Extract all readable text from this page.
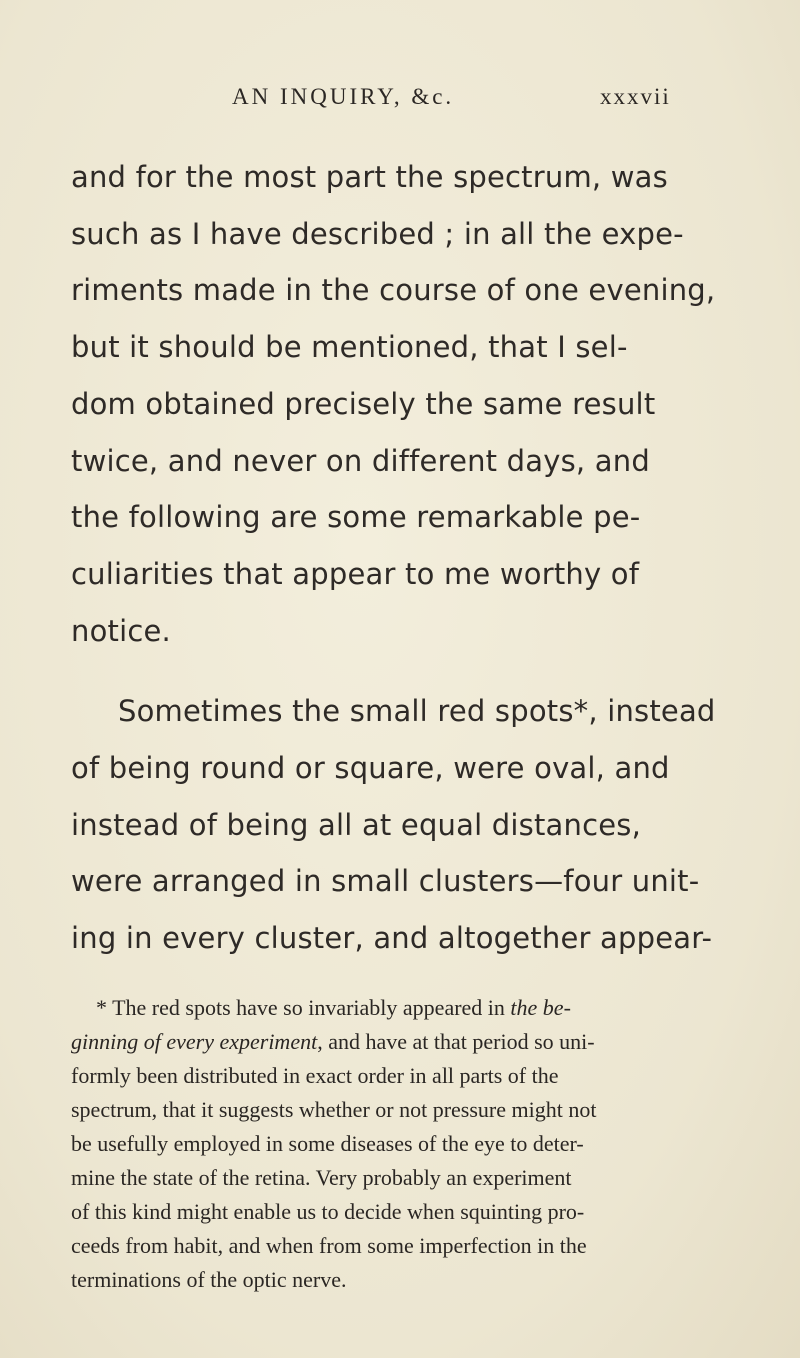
AN INQUIRY, &c.	xxxvii
and for the most part the spectrum, was
such as I have described ; in all the expe-
riments made in the course of one evening,
but it should be mentioned, that I sel-
dom obtained precisely the same result
twice, and never on different days, and
the following are some remarkable pe-
culiarities that appear to me worthy of
notice.
Sometimes the small red spots*, instead
of being round or square, were oval, and
instead of being all at equal distances,
were arranged in small clusters—four unit-
ing in every cluster, and altogether appear-
* The red spots have so invariably appeared in the be-
ginning of every experiment, and have at that period so uni-
formly been distributed in exact order in all parts of the
spectrum, that it suggests whether or not pressure might not
be usefully employed in some diseases of the eye to deter-
mine the state of the retina. Very probably an experiment
of this kind might enable us to decide when squinting pro-
ceeds from habit, and when from some imperfection in the
terminations of the optic nerve.
